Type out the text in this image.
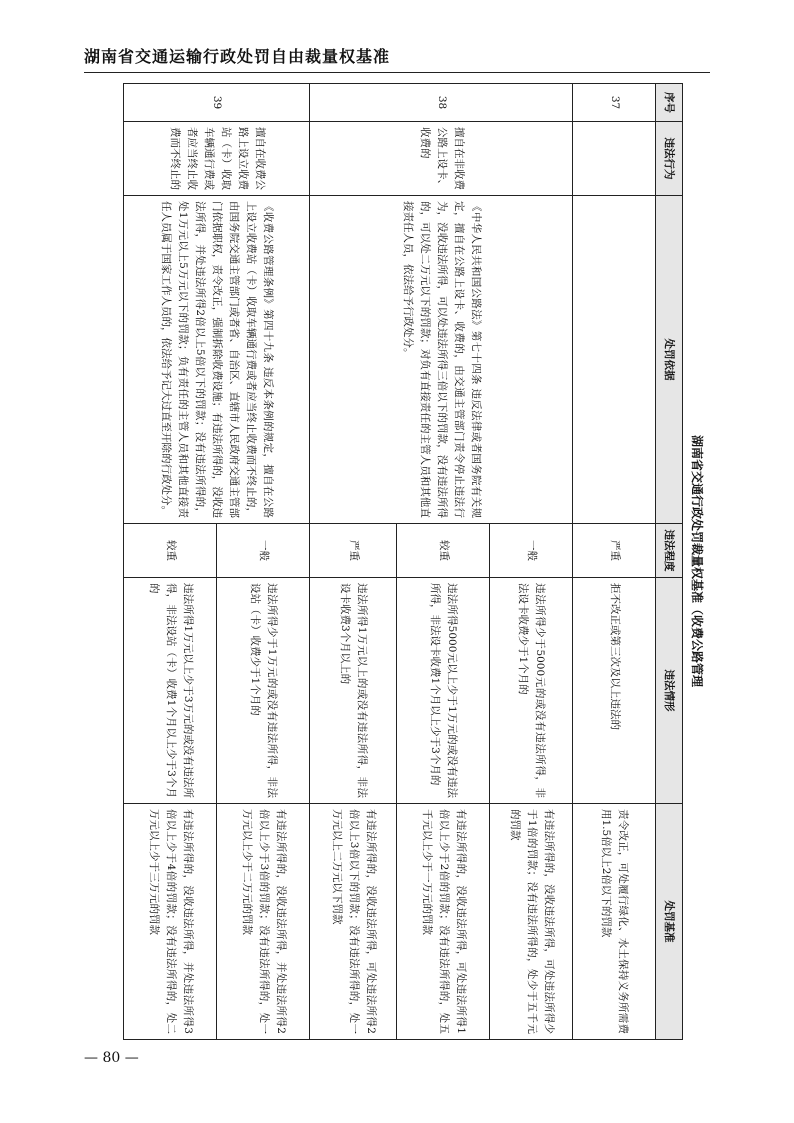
湖南省交通运输行政处罚自由裁量权基准
— 80 —
湖南省交通行政处罚裁量权基准（收费公路管理
序号	违法行为	处罚依据	违法程度	违法情形	处罚基准
37			严重	拒不改正或第三次及以上违法的	责令改正，可处履行绿化、水土保持义务所需费用1.5倍以上2倍以下的罚款
38	擅自在非收费公路上设卡、收费的	《中华人民共和国公路法》第七十四条 违反法律或者国务院有关规定，擅自在公路上设卡、收费的，由交通主管部门责令停止违法行为，没收违法所得，可以处违法所得三倍以下的罚款，没有违法所得的，可以处二万元以下的罚款；对负有直接责任的主管人员和其他直接责任人员，依法给予行政处分。	一般	违法所得少于5000元的或没有违法所得，非法设卡收费少于1个月的	有违法所得的，没收违法所得，可处违法所得少于1倍的罚款；没有违法所得的，处少于五千元的罚款
			较重	违法所得5000元以上少于1万元的或没有违法所得，非法设卡收费1个月以上少于3个月的	有违法所得的，没收违法所得，可处违法所得1倍以上少于2倍的罚款；没有违法所得的，处五千元以上少于一万元的罚款
			严重	违法所得1万元以上的或没有违法所得，非法设卡收费3个月以上的	有违法所得的，没收违法所得，可处违法所得2倍以上3倍以下的罚款；没有违法所得的，处一万元以上二万元以下罚款
39	擅自在收费公路上设立收费站（卡）收取车辆通行费或者应当终止收费而不终止的	《收费公路管理条例》第四十九条 违反本条例的规定，擅自在公路上设立收费站（卡）收取车辆通行费或者应当终止收费而不终止的，由国务院交通主管部门或者省、自治区、直辖市人民政府交通主管部门依据职权，责令改正，强制拆除收费设施；有违法所得的，没收违法所得，并处违法所得2倍以上5倍以下的罚款；没有违法所得的，处1万元以上5万元以下的罚款；负有责任的主管人员和其他直接责任人员属于国家工作人员的，依法给予记大过直至开除的行政处分。	一般	违法所得少于1万元的或没有违法所得，非法设站（卡）收费少于1个月的	有违法所得的，没收违法所得，并处违法所得2倍以上少于3倍的罚款；没有违法所得的，处一万元以上少于二万元的罚款
			较重	违法所得1万元以上少于3万元的或没有违法所得，非法设站（卡）收费1个月以上少于3个月的	有违法所得的，没收违法所得，并处违法所得3倍以上少于4倍的罚款；没有违法所得的，处二万元以上少于三万元的罚款
